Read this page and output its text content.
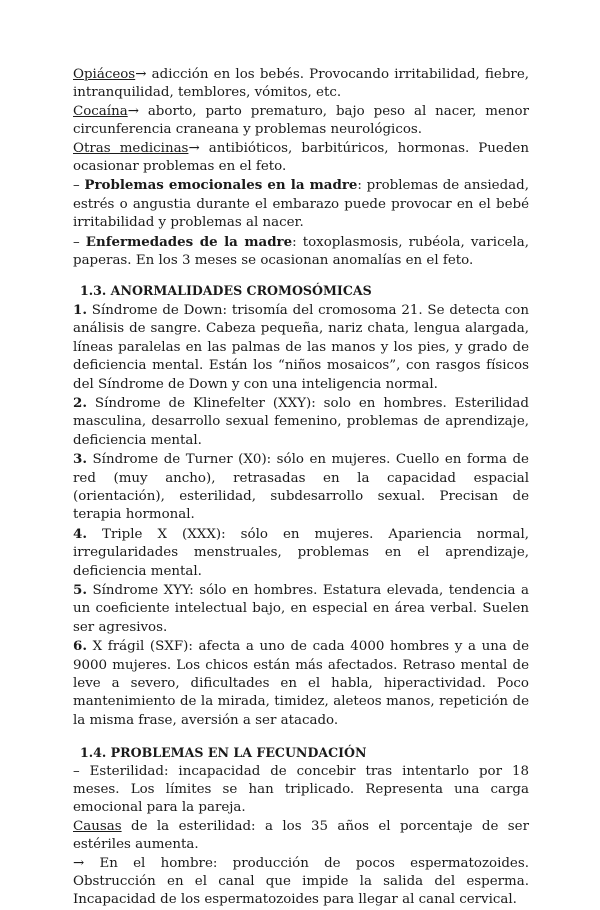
Opiáceos→ adicción en los bebés. Provocando irritabilidad, fiebre, intranquilidad, temblores, vómitos, etc.

Cocaína→ aborto, parto prematuro, bajo peso al nacer, menor circunferencia craneana y problemas neurológicos.

Otras medicinas→ antibióticos, barbitúricos, hormonas. Pueden ocasionar problemas en el feto.

– Problemas emocionales en la madre: problemas de ansiedad, estrés o angustia durante el embarazo puede provocar en el bebé irritabilidad y problemas al nacer.

– Enfermedades de la madre: toxoplasmosis, rubéola, varicela, paperas. En los 3 meses se ocasionan anomalías en el feto.

1.3. ANORMALIDADES CROMOSÓMICAS

1. Síndrome de Down: trisomía del cromosoma 21. Se detecta con análisis de sangre. Cabeza pequeña, nariz chata, lengua alargada, líneas paralelas en las palmas de las manos y los pies, y grado de deficiencia mental. Están los “niños mosaicos”, con rasgos físicos del Síndrome de Down y con una inteligencia normal.

2. Síndrome de Klinefelter (XXY): solo en hombres. Esterilidad masculina, desarrollo sexual femenino, problemas de aprendizaje, deficiencia mental.

3. Síndrome de Turner (X0): sólo en mujeres. Cuello en forma de red (muy ancho), retrasadas en la capacidad espacial (orientación), esterilidad, subdesarrollo sexual. Precisan de terapia hormonal.

4. Triple X (XXX): sólo en mujeres. Apariencia normal, irregularidades menstruales, problemas en el aprendizaje, deficiencia mental.

5. Síndrome XYY: sólo en hombres. Estatura elevada, tendencia a un coeficiente intelectual bajo, en especial en área verbal. Suelen ser agresivos.

6. X frágil (SXF): afecta a uno de cada 4000 hombres y a una de 9000 mujeres. Los chicos están más afectados. Retraso mental de leve a severo, dificultades en el habla, hiperactividad. Poco mantenimiento de la mirada, timidez, aleteos manos, repetición de la misma frase, aversión a ser atacado.

1.4. PROBLEMAS EN LA FECUNDACIÓN

– Esterilidad: incapacidad de concebir tras intentarlo por 18 meses. Los límites se han triplicado. Representa una carga emocional para la pareja.

Causas de la esterilidad: a los 35 años el porcentaje de ser estériles aumenta.

→ En el hombre: producción de pocos espermatozoides. Obstrucción en el canal que impide la salida del esperma. Incapacidad de los espermatozoides para llegar al canal cervical.
